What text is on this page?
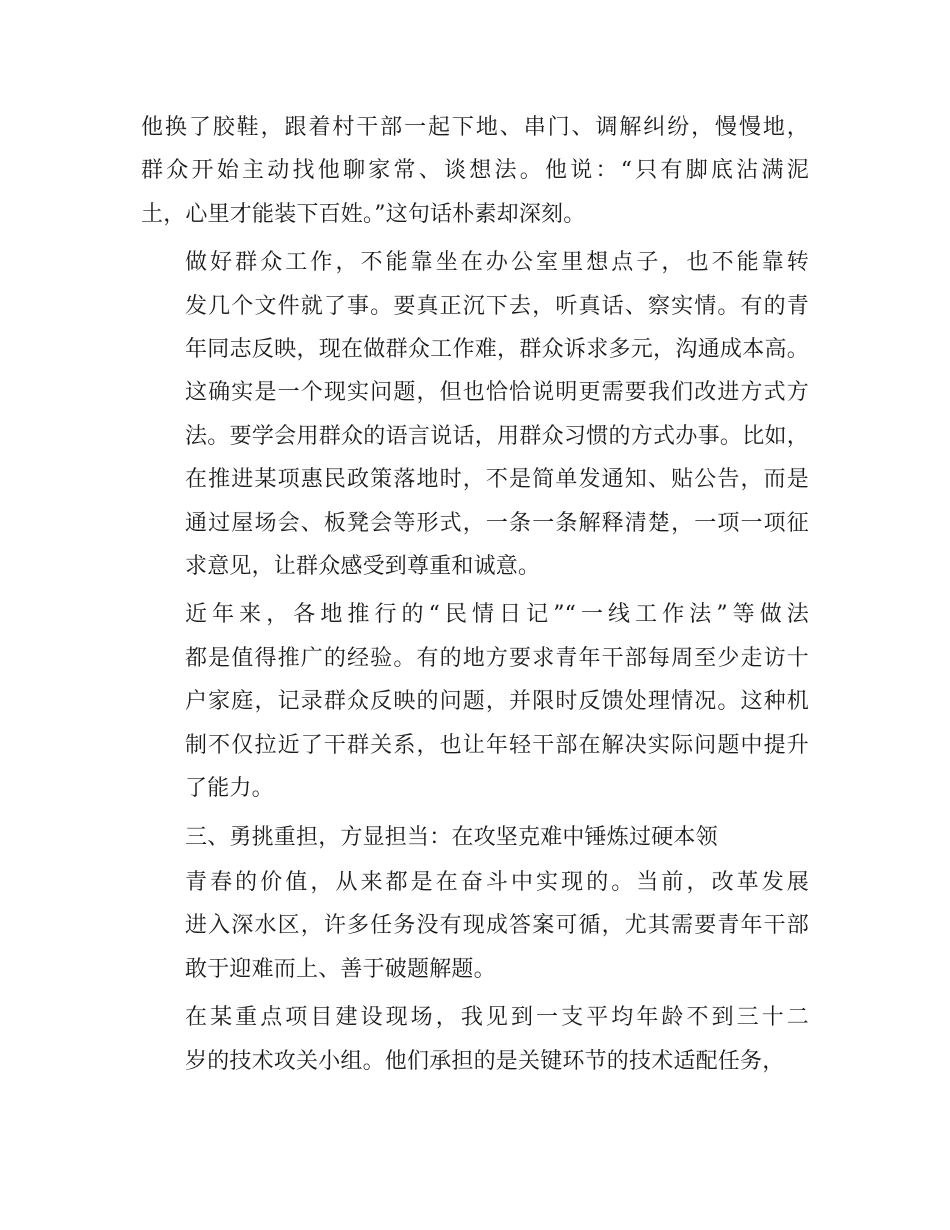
他换了胶鞋，跟着村干部一起下地、串门、调解纠纷，慢慢地，
群众开始主动找他聊家常、谈想法。他说：“只有脚底沾满泥
土，心里才能装下百姓。”这句话朴素却深刻。
做好群众工作，不能靠坐在办公室里想点子，也不能靠转
发几个文件就了事。要真正沉下去，听真话、察实情。有的青
年同志反映，现在做群众工作难，群众诉求多元，沟通成本高。
这确实是一个现实问题，但也恰恰说明更需要我们改进方式方
法。要学会用群众的语言说话，用群众习惯的方式办事。比如，
在推进某项惠民政策落地时，不是简单发通知、贴公告，而是
通过屋场会、板凳会等形式，一条一条解释清楚，一项一项征
求意见，让群众感受到尊重和诚意。
近年来，各地推行的“民情日记”“一线工作法”等做法
都是值得推广的经验。有的地方要求青年干部每周至少走访十
户家庭，记录群众反映的问题，并限时反馈处理情况。这种机
制不仅拉近了干群关系，也让年轻干部在解决实际问题中提升
了能力。
三、勇挑重担，方显担当：在攻坚克难中锤炼过硬本领
青春的价值，从来都是在奋斗中实现的。当前，改革发展
进入深水区，许多任务没有现成答案可循，尤其需要青年干部
敢于迎难而上、善于破题解题。
在某重点项目建设现场，我见到一支平均年龄不到三十二
岁的技术攻关小组。他们承担的是关键环节的技术适配任务，
